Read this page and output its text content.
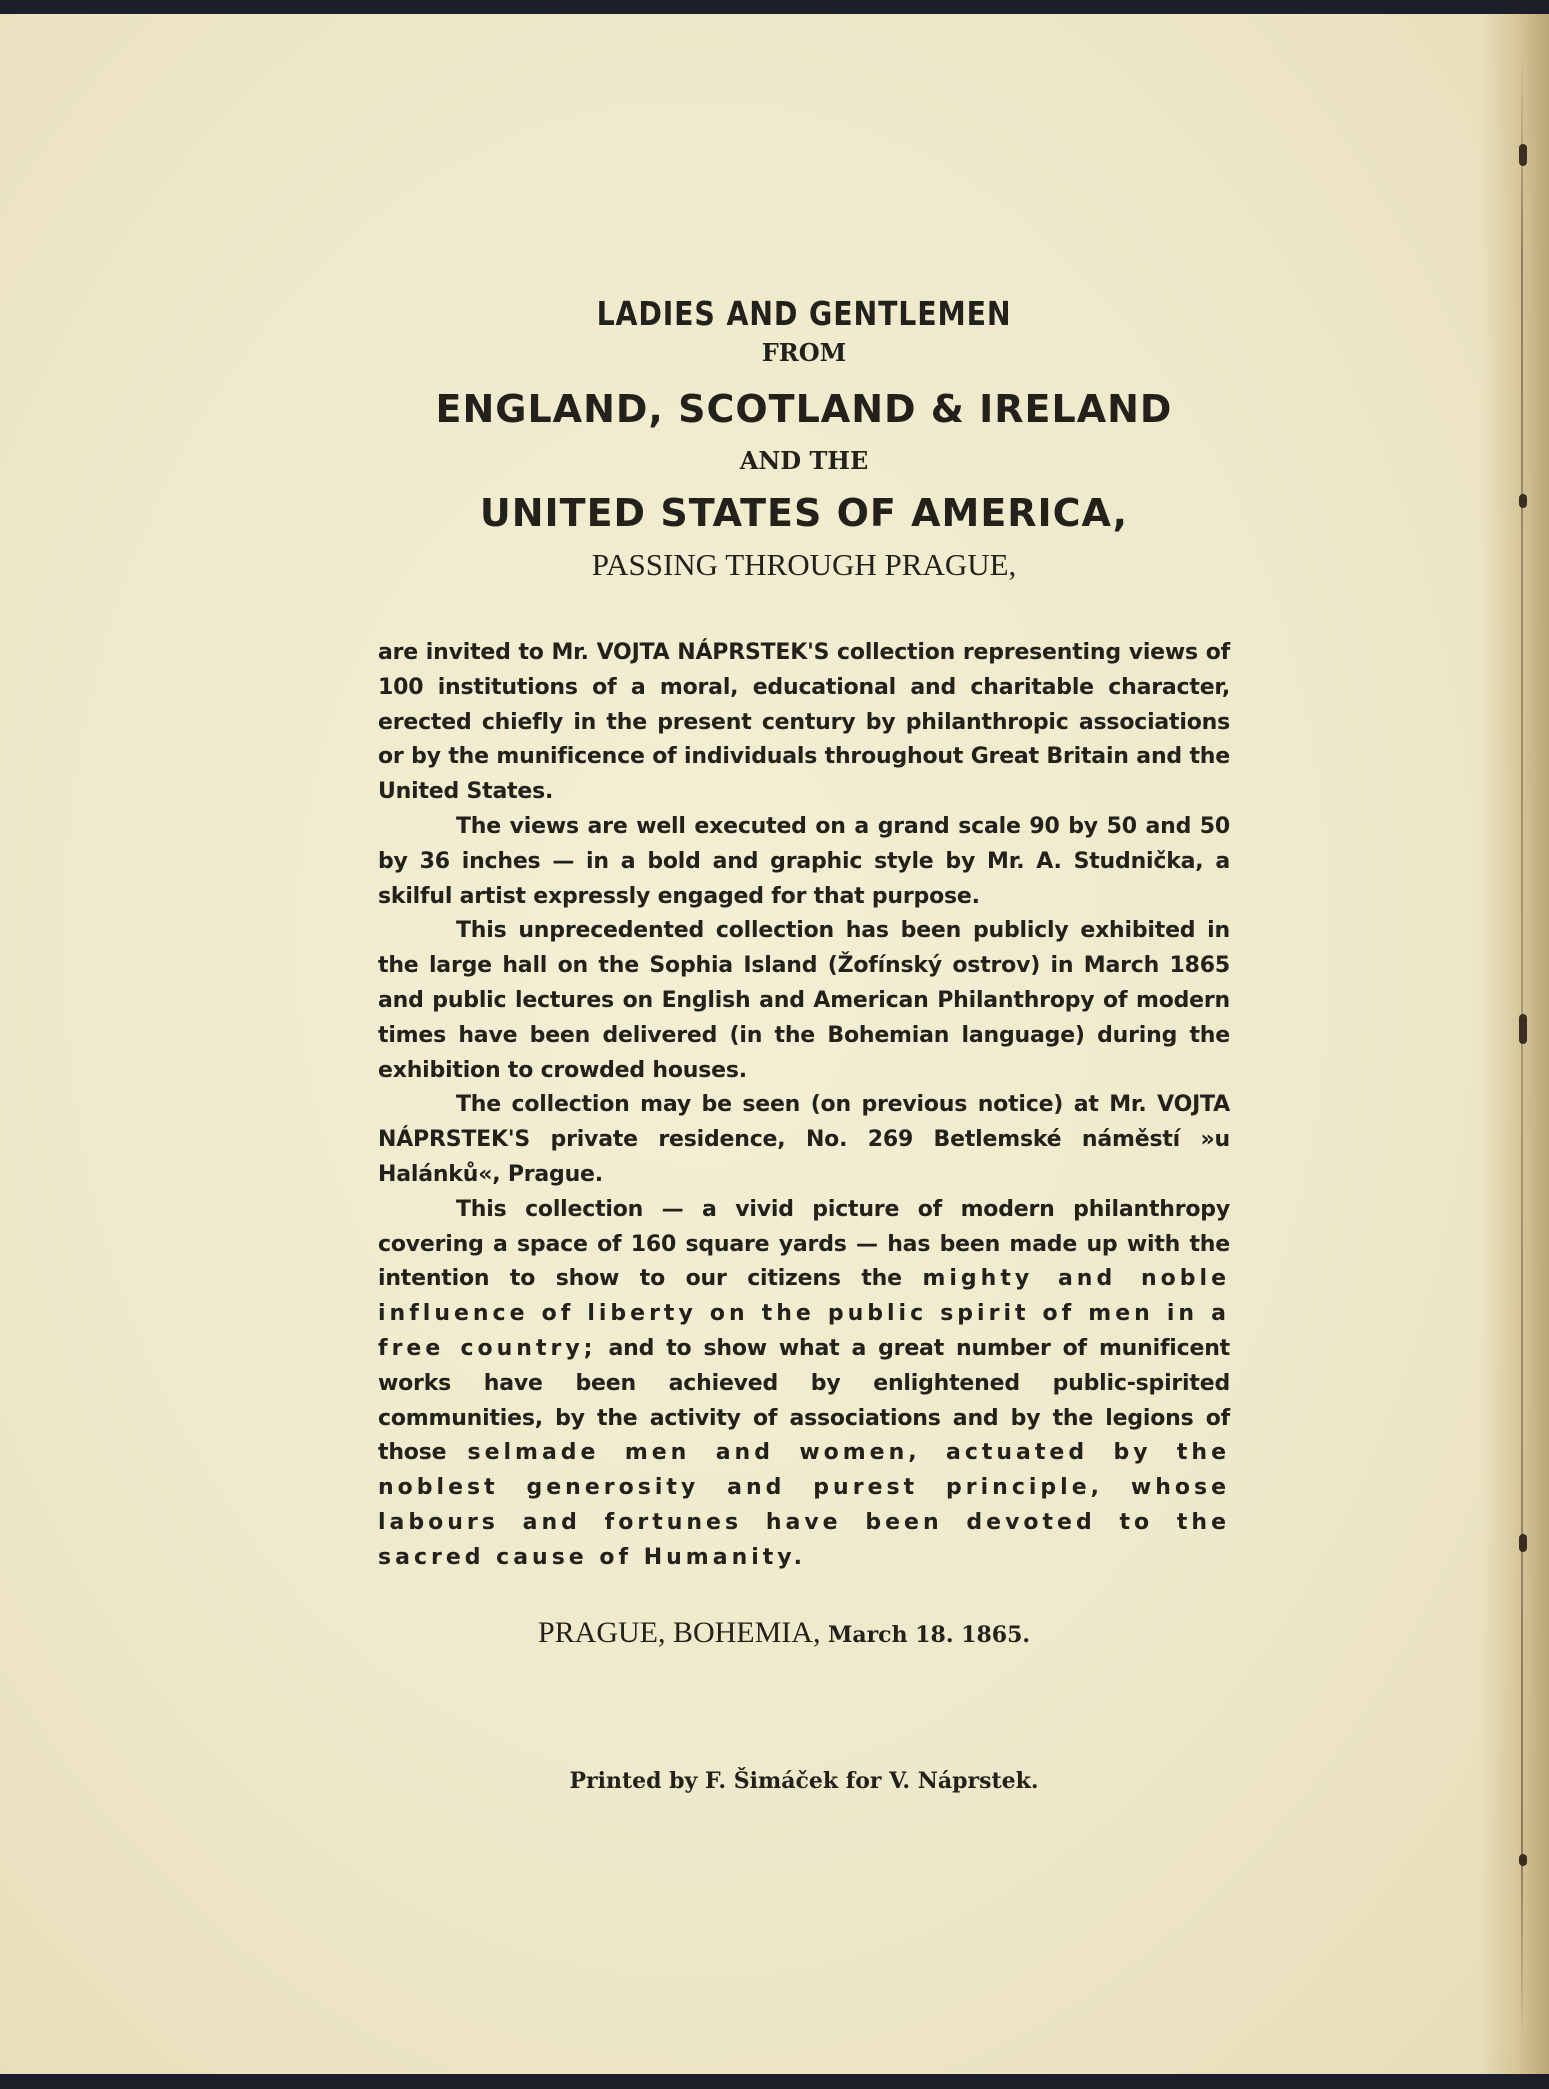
LADIES AND GENTLEMEN
FROM
ENGLAND, SCOTLAND & IRELAND
AND THE
UNITED STATES OF AMERICA,
PASSING THROUGH PRAGUE,

are invited to Mr. VOJTA NÁPRSTEK'S collection representing views of 100 institutions of a moral, educational and charitable character, erected chiefly in the present century by philanthropic associations or by the munificence of individuals throughout Great Britain and the United States.

The views are well executed on a grand scale 90 by 50 and 50 by 36 inches — in a bold and graphic style by Mr. A. Studnička, a skilful artist expressly engaged for that purpose.

This unprecedented collection has been publicly exhibited in the large hall on the Sophia Island (Žofínský ostrov) in March 1865 and public lectures on English and American Philanthropy of modern times have been delivered (in the Bohemian language) during the exhibition to crowded houses.

The collection may be seen (on previous notice) at Mr. VOJTA NÁPRSTEK'S private residence, No. 269 Betlemské náměstí »u Halánků«, Prague.

This collection — a vivid picture of modern philanthropy covering a space of 160 square yards — has been made up with the intention to show to our citizens the mighty and noble influence of liberty on the public spirit of men in a free country; and to show what a great number of munificent works have been achieved by enlightened public-spirited communities, by the activity of associations and by the legions of those selmade men and women, actuated by the noblest generosity and purest principle, whose labours and fortunes have been devoted to the sacred cause of Humanity.

PRAGUE, BOHEMIA, March 18. 1865.
Printed by F. Šimáček for V. Náprstek.
